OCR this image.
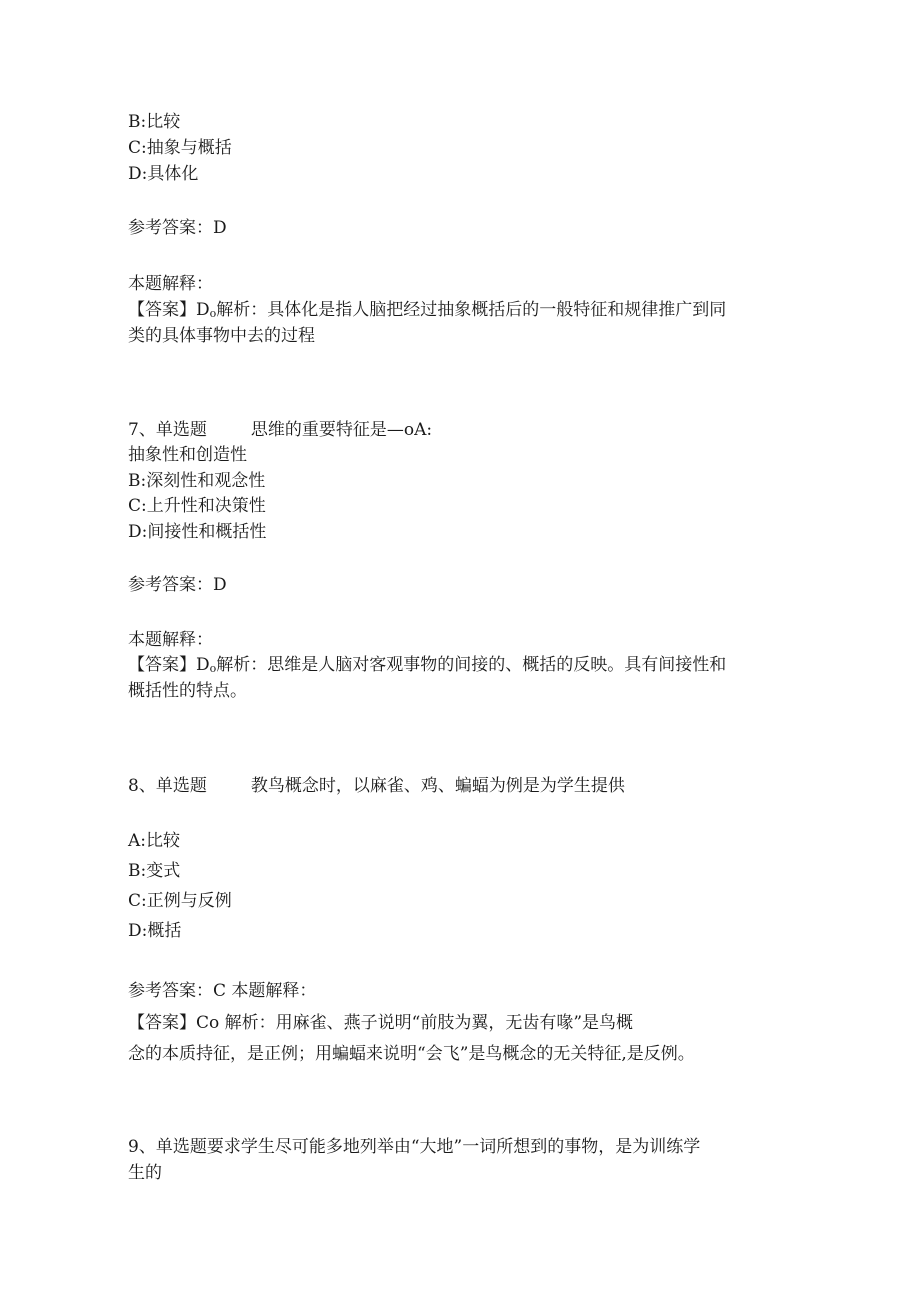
B:比较
C:抽象与概括
D:具体化
参考答案：D
本题解释：
【答案】Do解析：具体化是指人脑把经过抽象概括后的一般特征和规律推广到同
类的具体事物中去的过程
7、单选题	思维的重要特征是—oA:
抽象性和创造性
B:深刻性和观念性
C:上升性和决策性
D:间接性和概括性
参考答案：D
本题解释：
【答案】Do解析：思维是人脑对客观事物的间接的、概括的反映。具有间接性和
概括性的特点。
8、单选题	教鸟概念时，以麻雀、鸡、蝙蝠为例是为学生提供
A:比较
B:变式
C:正例与反例
D:概括
参考答案：C 本题解释：
【答案】Co 解析：用麻雀、燕子说明“前肢为翼，无齿有喙”是鸟概
念的本质持征，是正例；用蝙蝠来说明“会飞”是鸟概念的无关特征,是反例。
9、单选题要求学生尽可能多地列举由“大地”一词所想到的事物，是为训练学
生的
